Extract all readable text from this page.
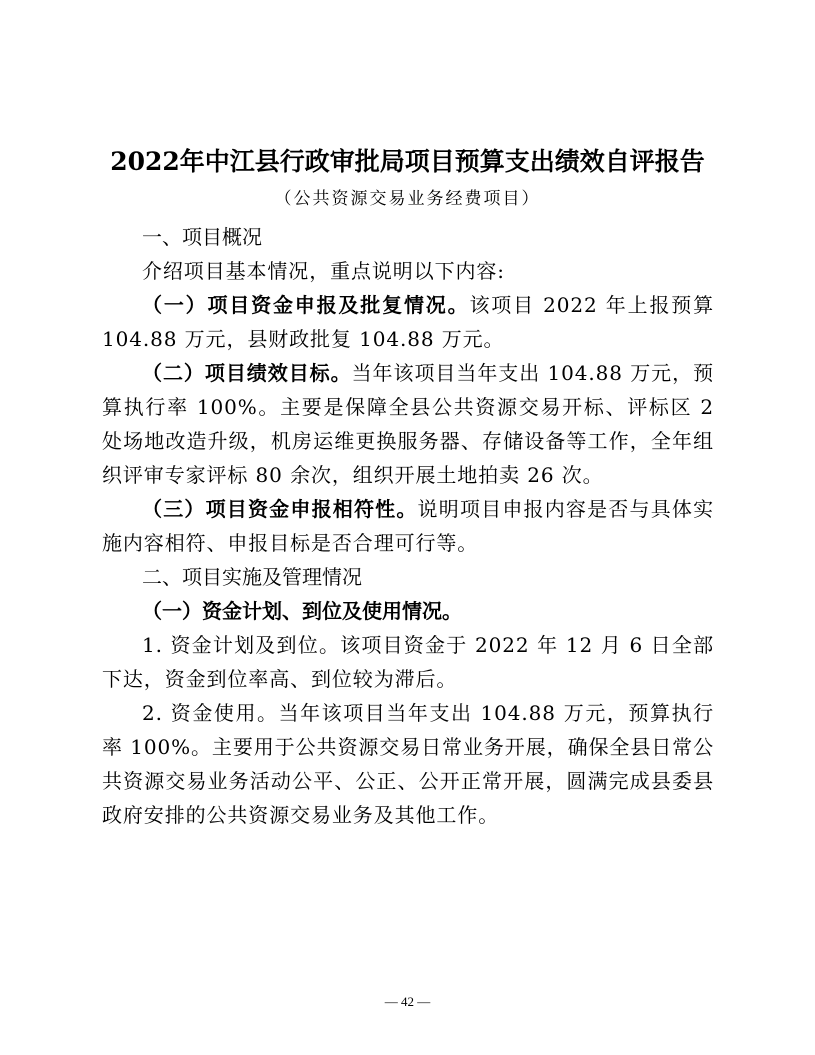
2022年中江县行政审批局项目预算支出绩效自评报告
（公共资源交易业务经费项目）

一、项目概况

介绍项目基本情况，重点说明以下内容:

（一）项目资金申报及批复情况。该项目 2022 年上报预算 104.88 万元，县财政批复 104.88 万元。

（二）项目绩效目标。当年该项目当年支出 104.88 万元，预算执行率 100%。主要是保障全县公共资源交易开标、评标区 2 处场地改造升级，机房运维更换服务器、存储设备等工作，全年组织评审专家评标 80 余次，组织开展土地拍卖 26 次。

（三）项目资金申报相符性。说明项目申报内容是否与具体实施内容相符、申报目标是否合理可行等。

二、项目实施及管理情况

（一）资金计划、到位及使用情况。

1. 资金计划及到位。该项目资金于 2022 年 12 月 6 日全部下达，资金到位率高、到位较为滞后。

2. 资金使用。当年该项目当年支出 104.88 万元，预算执行率 100%。主要用于公共资源交易日常业务开展，确保全县日常公共资源交易业务活动公平、公正、公开正常开展，圆满完成县委县政府安排的公共资源交易业务及其他工作。

— 42 —
